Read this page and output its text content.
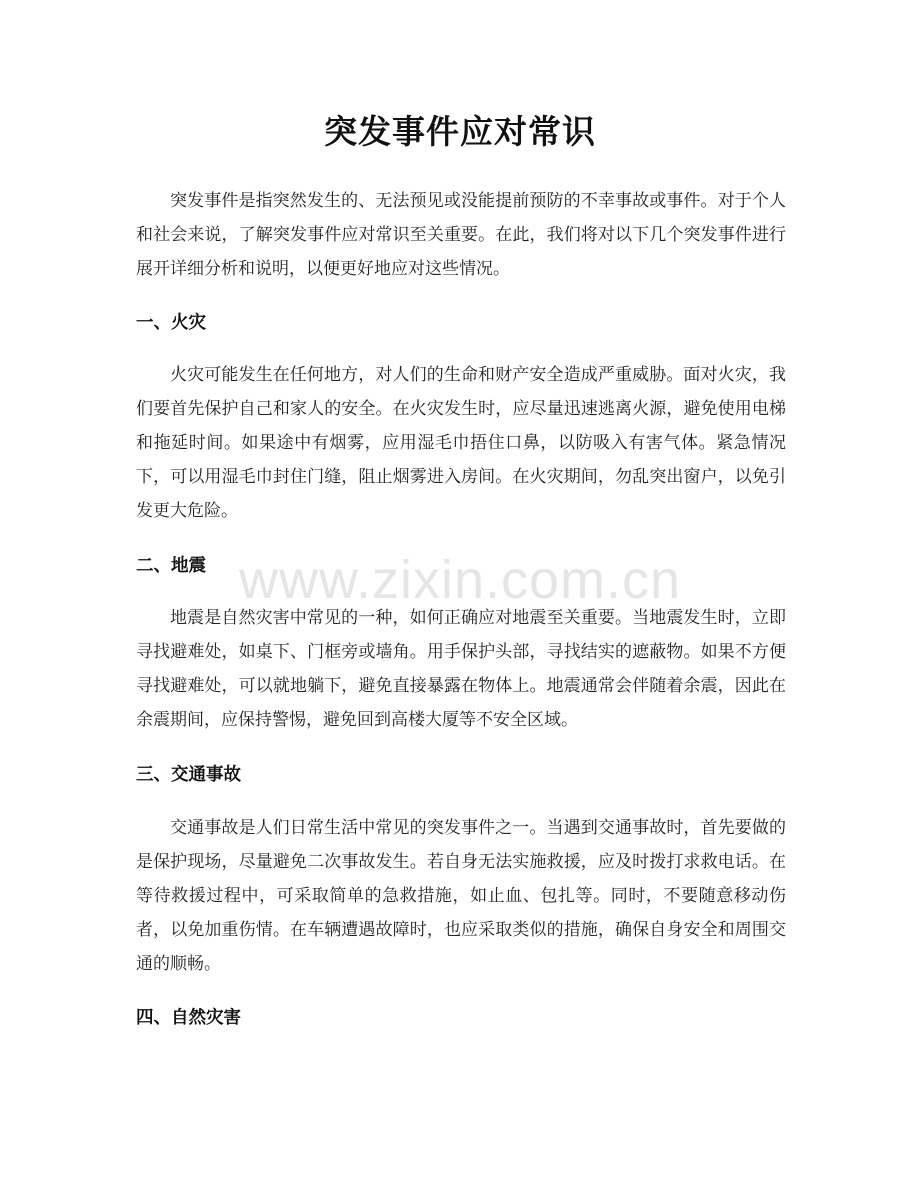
突发事件应对常识
突发事件是指突然发生的、无法预见或没能提前预防的不幸事故或事件。对于个人和社会来说，了解突发事件应对常识至关重要。在此，我们将对以下几个突发事件进行展开详细分析和说明，以便更好地应对这些情况。
一、火灾
火灾可能发生在任何地方，对人们的生命和财产安全造成严重威胁。面对火灾，我们要首先保护自己和家人的安全。在火灾发生时，应尽量迅速逃离火源，避免使用电梯和拖延时间。如果途中有烟雾，应用湿毛巾捂住口鼻，以防吸入有害气体。紧急情况下，可以用湿毛巾封住门缝，阻止烟雾进入房间。在火灾期间，勿乱突出窗户，以免引发更大危险。
二、地震
地震是自然灾害中常见的一种，如何正确应对地震至关重要。当地震发生时，立即寻找避难处，如桌下、门框旁或墙角。用手保护头部，寻找结实的遮蔽物。如果不方便寻找避难处，可以就地躺下，避免直接暴露在物体上。地震通常会伴随着余震，因此在余震期间，应保持警惕，避免回到高楼大厦等不安全区域。
三、交通事故
交通事故是人们日常生活中常见的突发事件之一。当遇到交通事故时，首先要做的是保护现场，尽量避免二次事故发生。若自身无法实施救援，应及时拨打求救电话。在等待救援过程中，可采取简单的急救措施，如止血、包扎等。同时，不要随意移动伤者，以免加重伤情。在车辆遭遇故障时，也应采取类似的措施，确保自身安全和周围交通的顺畅。
四、自然灾害
www.zixin.com.cn
